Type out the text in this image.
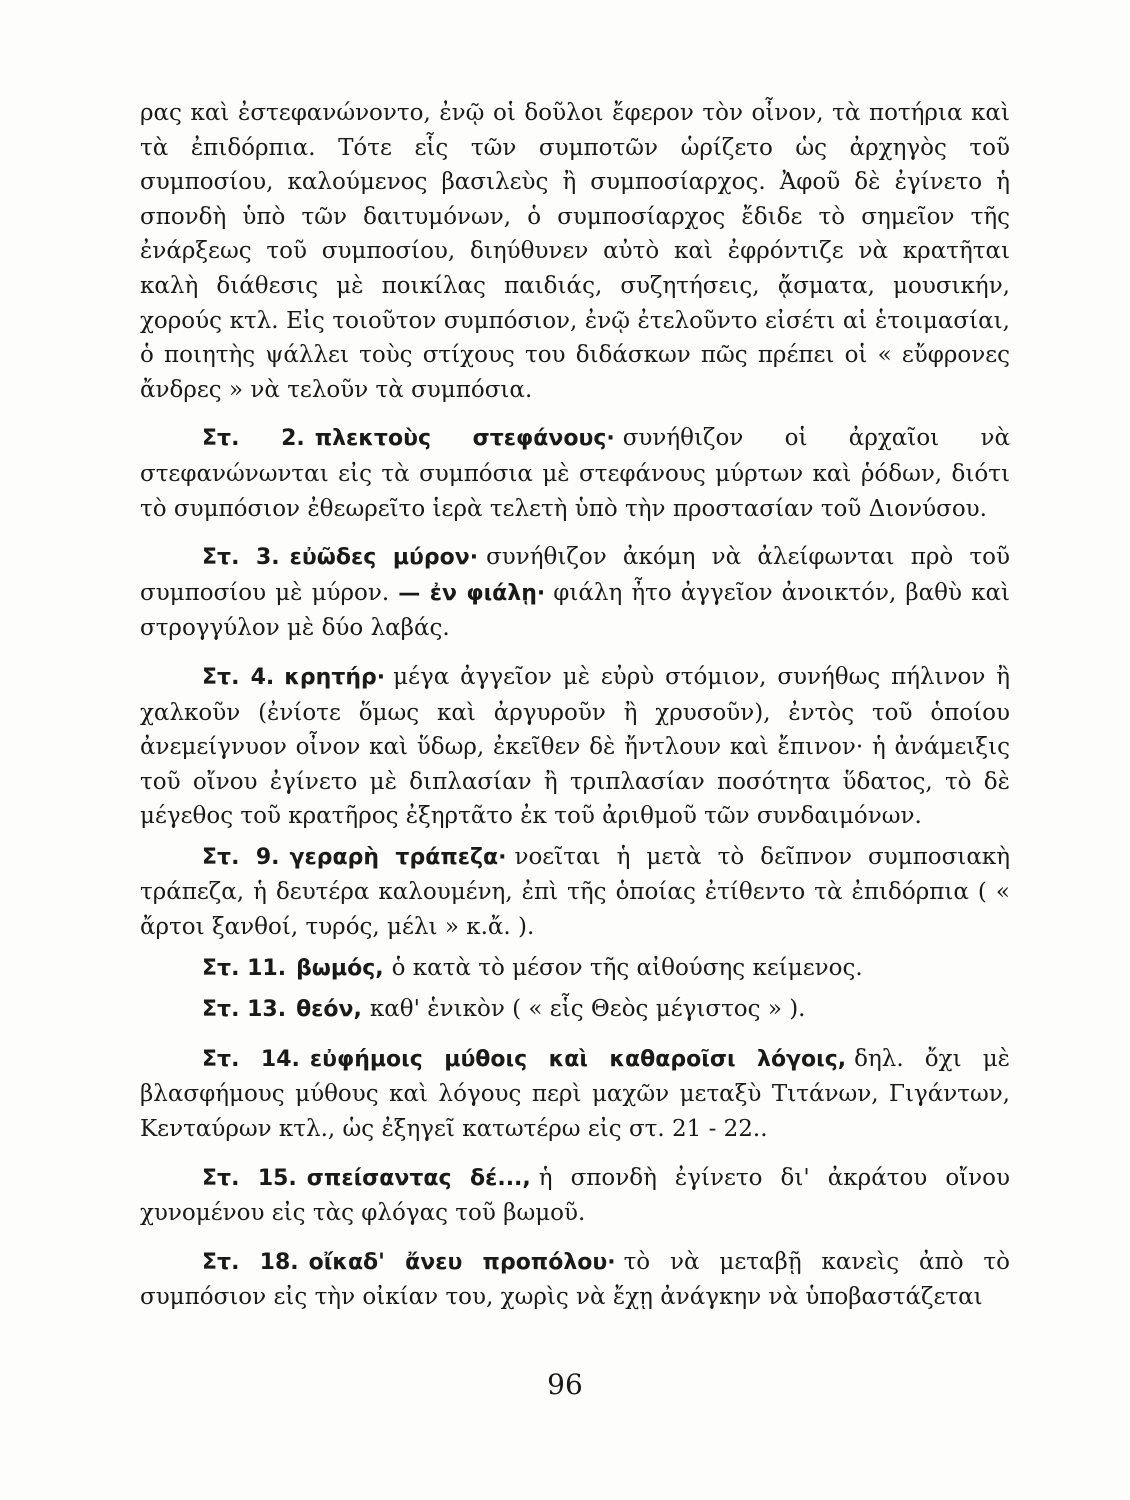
ρας καὶ ἐστεφανώνοντο, ἐνῷ οἱ δοῦλοι ἔφερον τὸν οἶνον, τὰ ποτήρια καὶ τὰ ἐπιδόρπια. Τότε εἷς τῶν συμποτῶν ὡρίζετο ὡς ἀρχηγὸς τοῦ συμποσίου, καλούμενος βασιλεὺς ἢ συμποσίαρχος. Ἀφοῦ δὲ ἐγίνετο ἡ σπονδὴ ὑπὸ τῶν δαιτυμόνων, ὁ συμποσίαρχος ἔδιδε τὸ σημεῖον τῆς ἐνάρξεως τοῦ συμποσίου, διηύθυνεν αὐτὸ καὶ ἐφρόντιζε νὰ κρατῆται καλὴ διάθεσις μὲ ποικίλας παιδιάς, συζητήσεις, ᾄσματα, μουσικήν, χορούς κτλ. Εἰς τοιοῦτον συμπόσιον, ἐνῷ ἐτελοῦντο εἰσέτι αἱ ἑτοιμασίαι, ὁ ποιητὴς ψάλλει τοὺς στίχους του διδάσκων πῶς πρέπει οἱ « εὔφρονες ἄνδρες » νὰ τελοῦν τὰ συμπόσια.

Στ. 2. πλεκτοὺς στεφάνους· συνήθιζον οἱ ἀρχαῖοι νὰ στεφανώνωνται εἰς τὰ συμπόσια μὲ στεφάνους μύρτων καὶ ῥόδων, διότι τὸ συμπόσιον ἐθεωρεῖτο ἱερὰ τελετὴ ὑπὸ τὴν προστασίαν τοῦ Διονύσου.

Στ. 3. εὐῶδες μύρον· συνήθιζον ἀκόμη νὰ ἀλείφωνται πρὸ τοῦ συμποσίου μὲ μύρον. — ἐν φιάλῃ· φιάλη ἦτο ἀγγεῖον ἀνοικτόν, βαθὺ καὶ στρογγύλον μὲ δύο λαβάς.

Στ. 4. κρητήρ· μέγα ἀγγεῖον μὲ εὐρὺ στόμιον, συνήθως πήλινον ἢ χαλκοῦν (ἐνίοτε ὅμως καὶ ἀργυροῦν ἢ χρυσοῦν), ἐντὸς τοῦ ὁποίου ἀνεμείγνυον οἶνον καὶ ὕδωρ, ἐκεῖθεν δὲ ἤντλουν καὶ ἔπινον· ἡ ἀνάμειξις τοῦ οἴνου ἐγίνετο μὲ διπλασίαν ἢ τριπλασίαν ποσότητα ὕδατος, τὸ δὲ μέγεθος τοῦ κρατῆρος ἐξηρτᾶτο ἐκ τοῦ ἀριθμοῦ τῶν συνδαιμόνων.

Στ. 9. γεραρὴ τράπεζα· νοεῖται ἡ μετὰ τὸ δεῖπνον συμποσιακὴ τράπεζα, ἡ δευτέρα καλουμένη, ἐπὶ τῆς ὁποίας ἐτίθεντο τὰ ἐπιδόρπια ( « ἄρτοι ξανθοί, τυρός, μέλι » κ.ἄ. ).

Στ. 11. βωμός, ὁ κατὰ τὸ μέσον τῆς αἰθούσης κείμενος.

Στ. 13. θεόν, καθ' ἑνικὸν ( « εἷς Θεὸς μέγιστος » ).

Στ. 14. εὐφήμοις μύθοις καὶ καθαροῖσι λόγοις, δηλ. ὄχι μὲ βλασφήμους μύθους καὶ λόγους περὶ μαχῶν μεταξὺ Τιτάνων, Γιγάντων, Κενταύρων κτλ., ὡς ἐξηγεῖ κατωτέρω εἰς στ. 21 - 22..

Στ. 15. σπείσαντας δέ..., ἡ σπονδὴ ἐγίνετο δι' ἀκράτου οἴνου χυνομένου εἰς τὰς φλόγας τοῦ βωμοῦ.

Στ. 18. οἴκαδ' ἄνευ προπόλου· τὸ νὰ μεταβῇ κανεὶς ἀπὸ τὸ συμπόσιον εἰς τὴν οἰκίαν του, χωρὶς νὰ ἔχῃ ἀνάγκην νὰ ὑποβαστάζεται

96
